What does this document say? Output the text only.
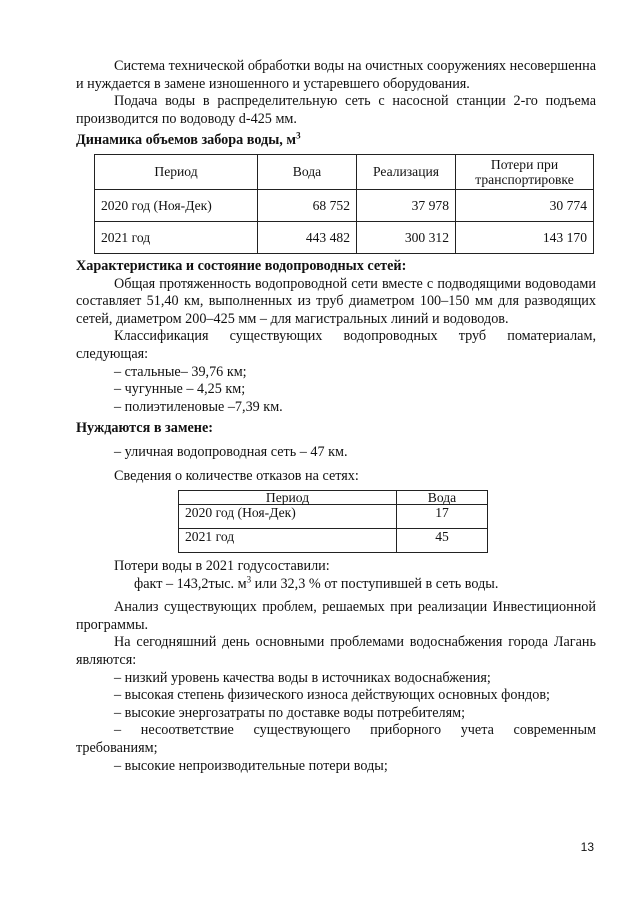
Система технической обработки воды на очистных сооружениях несовершенна и нуждается в замене изношенного и устаревшего оборудования.

Подача воды в распределительную сеть с насосной станции 2-го подъема производится по водоводу d-425 мм.

Динамика объемов забора воды, $м^3$

Период	Вода	Реализация	Потери при транспортировке
2020 год (Ноя-Дек)	68 752	37 978	30 774
2021 год	443 482	300 312	143 170

Характеристика и состояние водопроводных сетей:

Общая протяженность водопроводной сети вместе с подводящими водоводами составляет 51,40 км, выполненных из труб диаметром 100–150 мм для разводящих сетей, диаметром 200–425 мм – для магистральных линий и водоводов.

Классификация существующих водопроводных труб поматериалам, следующая:

– стальные– 39,76 км;

– чугунные – 4,25 км;

– полиэтиленовые –7,39 км.

Нуждаются в замене:

– уличная водопроводная сеть – 47 км.

Сведения о количестве отказов на сетях:

Период	Вода
2020 год (Ноя-Дек)	17
2021 год	45

Потери воды в 2021 годусоставили:

факт – 143,2тыс. $м^3$ или 32,3 % от поступившей в сеть воды.

Анализ существующих проблем, решаемых при реализации Инвестиционной программы.

На сегодняшний день основными проблемами водоснабжения города Лагань являются:

– низкий уровень качества воды в источниках водоснабжения;

– высокая степень физического износа действующих основных фондов;

– высокие энергозатраты по доставке воды потребителям;

– несоответствие существующего приборного учета современным требованиям;

– высокие непроизводительные потери воды;

13
